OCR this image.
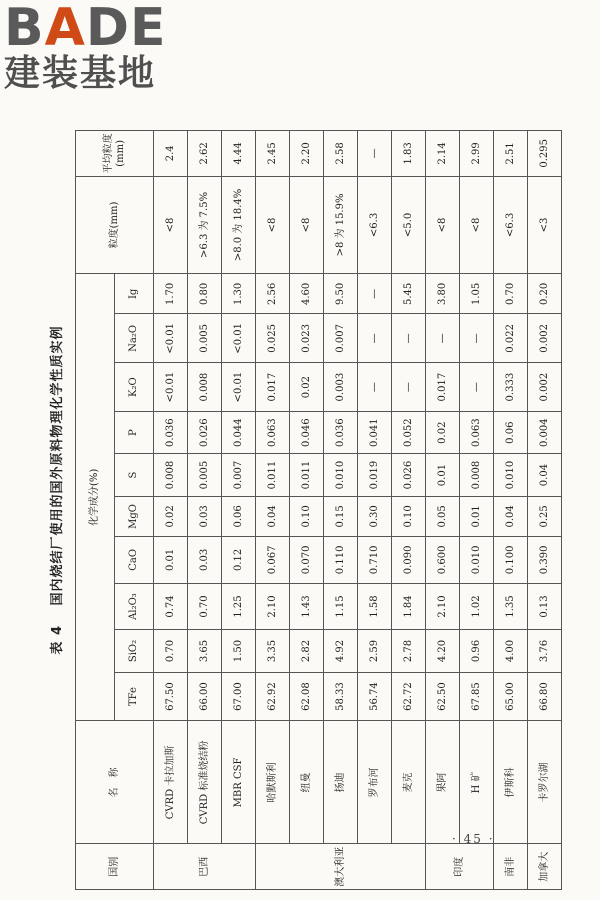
BADE
建装基地
表 4 国内烧结厂使用的国外原料物理化学性质实例
国别	名　称	化学成分(%)										粒度(mm)	平均粒度 (mm)

		TFe	SiO₂	Al₂O₃	CaO	MgO	S	P	K₂O	Na₂O	Ig		
巴西	CVRD 卡拉加斯	67.50	0.70	0.74	0.01	0.02	0.008	0.036	<0.01	<0.01	1.70	<8	2.4
	CVRD 标准烧结粉	66.00	3.65	0.70	0.03	0.03	0.005	0.026	0.008	0.005	0.80	>6.3 为 7.5%	2.62
	MBR CSF	67.00	1.50	1.25	0.12	0.06	0.007	0.044	<0.01	<0.01	1.30	>8.0 为 18.4%	4.44
澳大利亚	哈默斯利	62.92	3.35	2.10	0.067	0.04	0.011	0.063	0.017	0.025	2.56	<8	2.45
	纽曼	62.08	2.82	1.43	0.070	0.10	0.011	0.046	0.02	0.023	4.60	<8	2.20
	扬迪	58.33	4.92	1.15	0.110	0.15	0.010	0.036	0.003	0.007	9.50	>8 为 15.9%	2.58
	罗布河	56.74	2.59	1.58	0.710	0.30	0.019	0.041	—	—	—	<6.3	—
	麦克	62.72	2.78	1.84	0.090	0.10	0.026	0.052	—	—	5.45	<5.0	1.83
印度	果阿	62.50	4.20	2.10	0.600	0.05	0.01	0.02	0.017	—	3.80	<8	2.14
	H 矿	67.85	0.96	1.02	0.010	0.01	0.008	0.063	—	—	1.05	<8	2.99
南非	伊斯科	65.00	4.00	1.35	0.100	0.04	0.010	0.06	0.333	0.022	0.70	<6.3	2.51
加拿大	卡罗尔湖	66.80	3.76	0.13	0.390	0.25	0.04	0.004	0.002	0.002	0.20	<3	0.295
· 45 ·
